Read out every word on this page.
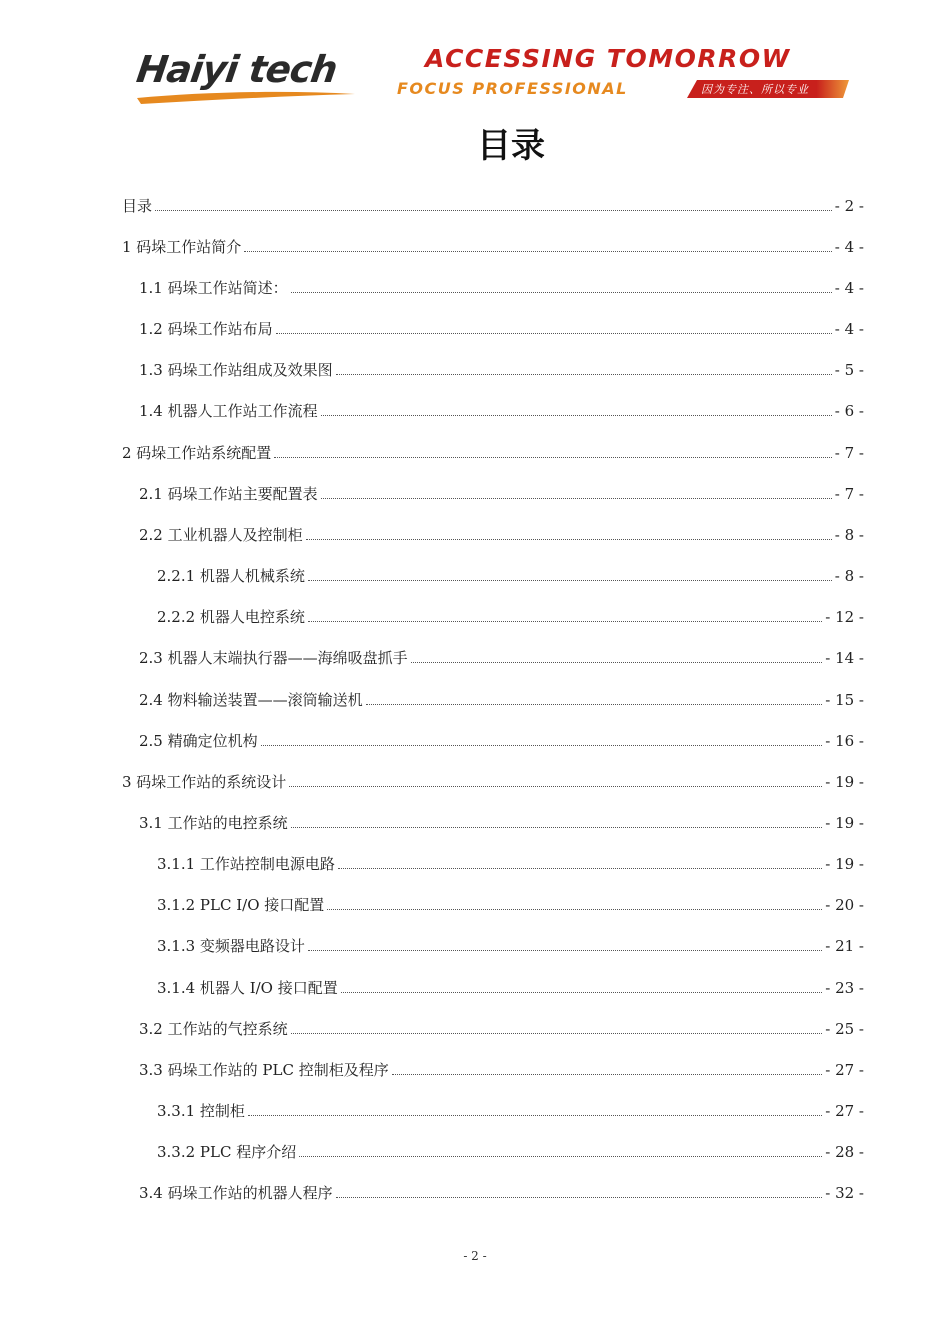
Haiyi tech	ACCESSING TOMORROW
FOCUS PROFESSIONAL	因为专注、所以专业
目录
目录	- 2 -
1 码垛工作站简介	- 4 -
1.1 码垛工作站简述：	- 4 -
1.2 码垛工作站布局	- 4 -
1.3 码垛工作站组成及效果图	- 5 -
1.4 机器人工作站工作流程	- 6 -
2 码垛工作站系统配置	- 7 -
2.1 码垛工作站主要配置表	- 7 -
2.2 工业机器人及控制柜	- 8 -
2.2.1 机器人机械系统	- 8 -
2.2.2 机器人电控系统	- 12 -
2.3 机器人末端执行器——海绵吸盘抓手	- 14 -
2.4 物料输送装置——滚筒输送机	- 15 -
2.5 精确定位机构	- 16 -
3 码垛工作站的系统设计	- 19 -
3.1 工作站的电控系统	- 19 -
3.1.1 工作站控制电源电路	- 19 -
3.1.2 PLC I/O 接口配置	- 20 -
3.1.3 变频器电路设计	- 21 -
3.1.4 机器人 I/O 接口配置	- 23 -
3.2 工作站的气控系统	- 25 -
3.3 码垛工作站的 PLC 控制柜及程序	- 27 -
3.3.1 控制柜	- 27 -
3.3.2 PLC 程序介绍	- 28 -
3.4 码垛工作站的机器人程序	- 32 -
- 2 -
